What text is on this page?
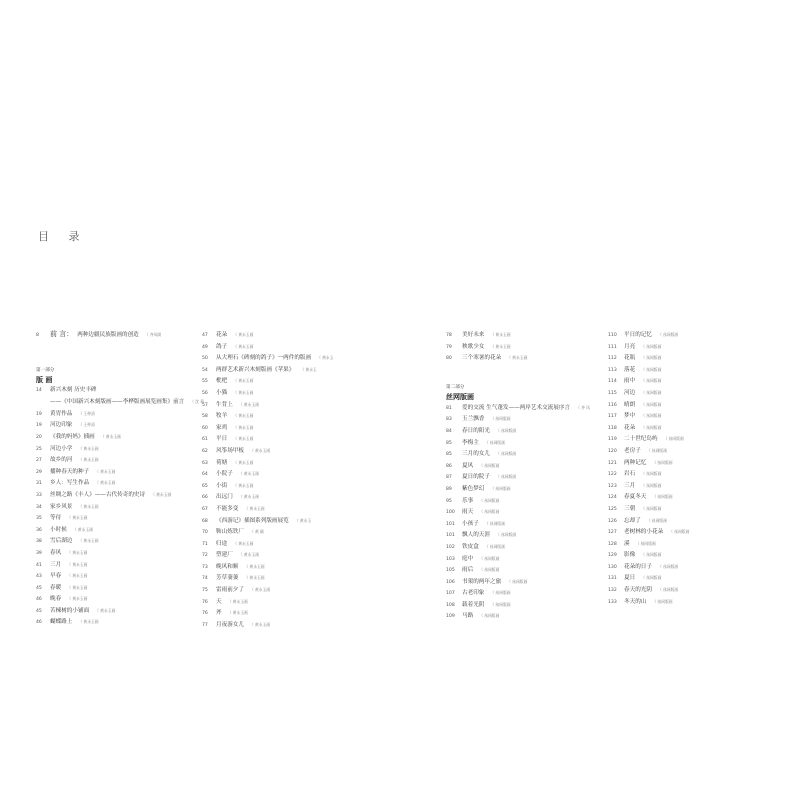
目 录
8	前 言： 两种边疆民族版画的创造 （ 齐凤阁
第一部分
版 画
14	新兴木刻 历史丰碑
——《中国新兴木刻版画——李桦版画展览画集》前言 （ 沈 莉
19	黄胄作品 （ 王仲清
19	河边印象 （ 王仲清
20	《我的妈妈》插画 （ 黄永玉画
25	河边小学 （ 黄永玉画
27	故乡的河 （ 黄永玉画
29	播种春天的种子 （ 黄永玉画
31	乡人：写生作品 （ 黄永玉画
33	丝绸之路《丰人》——古代传奇的史诗 （ 黄永玉画
34	家乡风景 （ 黄永玉画
35	等待 （ 黄永玉画
36	小时候 （ 黄永玉画
38	雪后湖边 （ 黄永玉画
39	春风 （ 黄永玉画
41	三月 （ 黄永玉画
43	早春 （ 黄永玉画
45	春暖 （ 黄永玉画
46	晚春 （ 黄永玉画
45	苦楝树的小铺面 （ 黄永玉画
46	蝴蝶路上 （ 黄永玉画
47	花朵 （ 黄永玉画
49	鸽子 （ 黄永玉画
50	从大理石《碑刻的鸽子》一两件的版画 （ 黄永玉
54	两群艺术新兴木刻版画《苹果》 （ 黄永玉
55	枇杷 （ 黄永玉画
56	小猫 （ 黄永玉画
57	牛背上 （ 黄永玉画
58	牧羊 （ 黄永玉画
60	家鸡 （ 黄永玉画
61	平日 （ 黄永玉画
62	风筝场甲板 （ 黄永玉画
63	荷塘 （ 黄永玉画
64	小院子 （ 黄永玉画
65	小街 （ 黄永玉画
66	出远门 （ 黄永玉画
67	不能多变 （ 黄永玉画
68	《西游记》插图系列版画展览 （ 黄永玉
70	鞍山炼铁厂 （ 黄 颐
71	归途 （ 黄永玉画
72	塑建厂 （ 黄永玉画
73	晚风和顺 （ 黄永玉画
74	芳草萋萋 （ 黄永玉画
75	雷雨前夕了 （ 黄永玉画
76	天 （ 黄永玉画
76	斧 （ 黄永玉画
77	月夜游女儿 （ 黄永玉画
78	美好未来 （ 黄永玉画
79	秧歌少女 （ 黄永玉画
80	三个寒暑的花朵 （ 黄永玉画
第二部分
丝网版画
81	爱的交流 生气蓬发——两岸艺术交流展序言 （ 齐 凤
83	玉兰飘香 （ 丝网版画
84	春日的阳光 （ 丝网版画
85	李梅主 （ 丝网版画
85	三月的女儿 （ 丝网版画
86	夏风 （ 丝网版画
87	夏日的院子 （ 丝网版画
89	紫色梦幻 （ 丝网版画
95	乐事 （ 丝网版画
100	雨天 （ 丝网版画
101	小孩子 （ 丝网版画
101	飘人的天涯 （ 丝网版画
102	铁皮盒 （ 丝网版画
103	庭中 （ 丝网版画
105	雨后 （ 丝网版画
106	书架的两年之旅 （ 丝网版画
107	古老印象 （ 丝网版画
108	载着光阴 （ 丝网版画
109	马路 （ 丝网版画
110	平日的记忆 （ 丝网版画
111	月亮 （ 丝网版画
112	花瓶 （ 丝网版画
113	落花 （ 丝网版画
114	雨中 （ 丝网版画
115	河边 （ 丝网版画
116	晴朗 （ 丝网版画
117	梦中 （ 丝网版画
118	花朵 （ 丝网版画
119	二十世纪岛屿 （ 丝网版画
120	老房子 （ 丝网版画
121	两种记忆 （ 丝网版画
122	岩石 （ 丝网版画
123	三月 （ 丝网版画
124	春夏冬天 （ 丝网版画
125	三朝 （ 丝网版画
126	忘却了 （ 丝网版画
127	老树林的小花朵 （ 丝网版画
128	溪 （ 丝网版画
129	影像 （ 丝网版画
130	花朵的日子 （ 丝网版画
131	夏日 （ 丝网版画
132	春天的光阴 （ 丝网版画
133	冬天的山 （ 丝网版画
